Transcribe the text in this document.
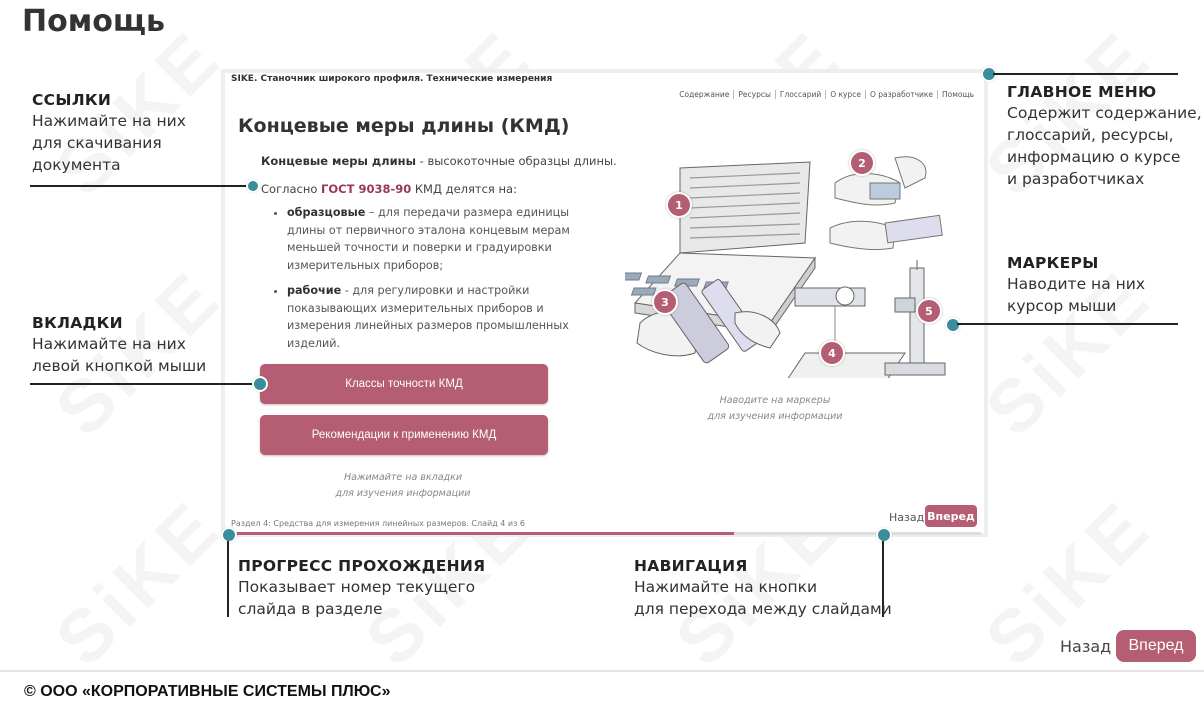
Помощь
SIKE. Станочник широкого профиля. Технические измерения
Содержание	Ресурсы	Глоссарий	О курсе	О разработчике	Помощь
Концевые меры длины (КМД)
Концевые меры длины - высокоточные образцы длины.
Согласно ГОСТ 9038-90 КМД делятся на:
• образцовые – для передачи размера единицы длины от первичного эталона концевым мерам меньшей точности и поверки и градуировки измерительных приборов;
• рабочие - для регулировки и настройки показывающих измерительных приборов и измерения линейных размеров промышленных изделий.
Классы точности КМД
Рекомендации к применению КМД
Нажимайте на вкладки
для изучения информации
1
2
3
4
5
Наводите на маркеры
для изучения информации
Раздел 4: Средства для измерения линейных размеров. Слайд 4 из 6	Назад Вперед
ССЫЛКИ
Нажимайте на них
для скачивания
документа
ВКЛАДКИ
Нажимайте на них
левой кнопкой мыши
ГЛАВНОЕ МЕНЮ
Содержит содержание,
глоссарий, ресурсы,
информацию о курсе
и разработчиках
МАРКЕРЫ
Наводите на них
курсор мыши
ПРОГРЕСС ПРОХОЖДЕНИЯ
Показывает номер текущего
слайда в разделе
НАВИГАЦИЯ
Нажимайте на кнопки
для перехода между слайдами
Назад	Вперед
© ООО «КОРПОРАТИВНЫЕ СИСТЕМЫ ПЛЮС»
